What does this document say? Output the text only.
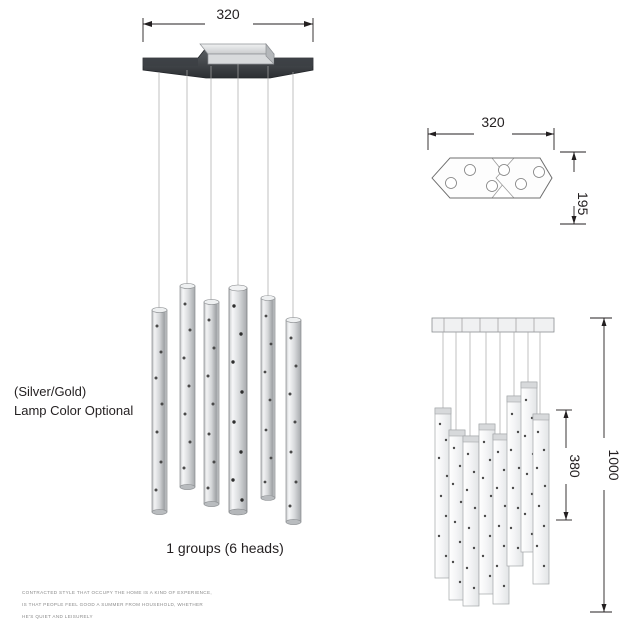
320
320
195
380 1000
(Silver/Gold)
Lamp Color Optional
1 groups (6 heads)
CONTRACTED STYLE THAT OCCUPY THE HOME IS A KIND OF EXPERIENCE,
IS THAT PEOPLE FEEL GOOD A SUMMER FROM HOUSEHOLD, WHETHER
HE'S QUIET AND LEISURELY
